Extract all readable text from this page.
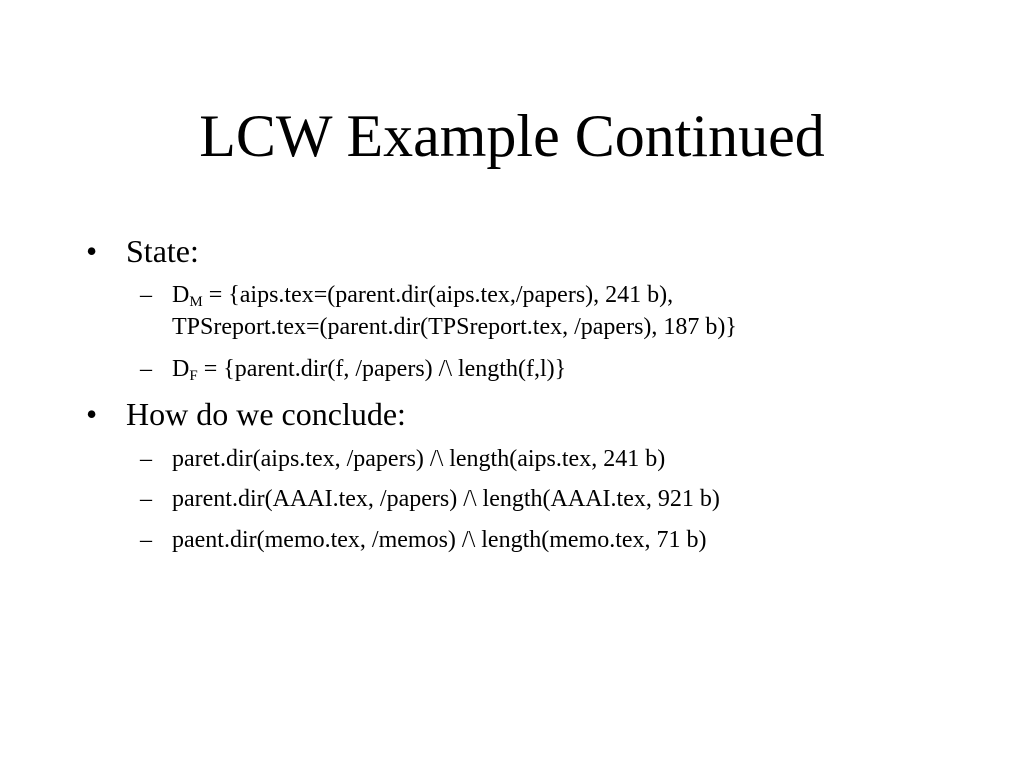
LCW Example Continued
• State:
– $D_M$ = {aips.tex=(parent.dir(aips.tex,/papers), 241 b),
TPSreport.tex=(parent.dir(TPSreport.tex, /papers), 187 b)}
– $D_F$ = {parent.dir(f, /papers) /\ length(f,l)}
• How do we conclude:
– paret.dir(aips.tex, /papers) /\ length(aips.tex, 241 b)
– parent.dir(AAAI.tex, /papers) /\ length(AAAI.tex, 921 b)
– paent.dir(memo.tex, /memos) /\ length(memo.tex, 71 b)
